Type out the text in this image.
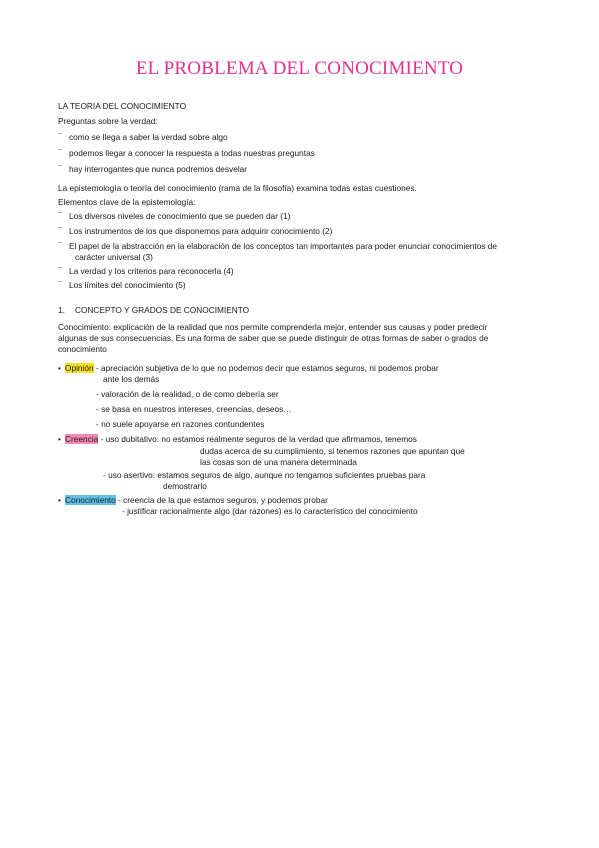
EL PROBLEMA DEL CONOCIMIENTO
LA TEORIA DEL CONOCIMIENTO
Preguntas sobre la verdad:
⁻ como se llega a saber la verdad sobre algo
⁻ podemos llegar a conocer la respuesta a todas nuestras preguntas
⁻ hay interrogantes que nunca podremos desvelar
La epistemología o teoría del conocimiento (rama de la filosofía) examina todas estas cuestiones.
Elementos clave de la epistemología:
⁻ Los diversos niveles de conocimiento que se pueden dar (1)
⁻ Los instrumentos de los que disponemos para adquirir conocimiento (2)
⁻ El papel de la abstracción en la elaboración de los conceptos tan importantes para poder enunciar conocimientos de
carácter universal (3)
⁻ La verdad y los criterios para reconocerla (4)
⁻ Los límites del conocimiento (5)
1. CONCEPTO Y GRADOS DE CONOCIMIENTO
Conocimiento: explicación de la realidad que nos permite comprenderla mejor, entender sus causas y poder predecir
algunas de sus consecuencias. Es una forma de saber que se puede distinguir de otras formas de saber o grados de
conocimiento
• Opinión - apreciación subjetiva de lo que no podemos decir que estamos seguros, ni podemos probar
ante los demás
- valoración de la realidad, o de como debería ser
- se basa en nuestros intereses, creencias, deseos…
- no suele apoyarse en razones contundentes
• Creencia - uso dubitativo: no estamos realmente seguros de la verdad que afirmamos, tenemos
dudas acerca de su cumplimiento, si tenemos razones que apuntan que
las cosas son de una manera determinada
- uso asertivo: estamos seguros de algo, aunque no tengamos suficientes pruebas para
demostrarlo
• Conocimiento - creencia de la que estamos seguros, y podemos probar
- justificar racionalmente algo (dar razones) es lo característico del conocimiento
